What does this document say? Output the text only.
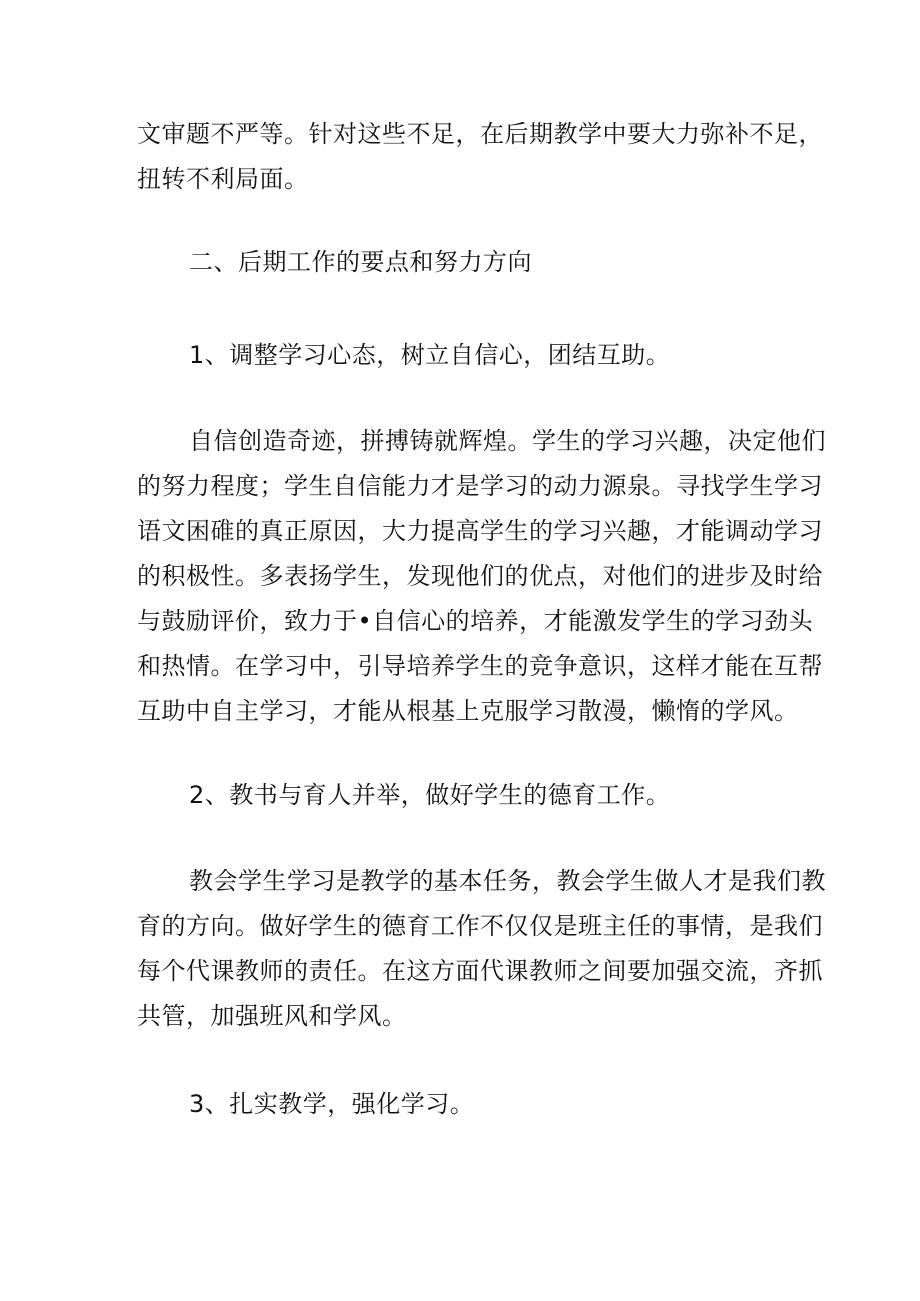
文审题不严等。针对这些不足，在后期教学中要大力弥补不足，
扭转不利局面。
二、后期工作的要点和努力方向
1、调整学习心态，树立自信心，团结互助。
自信创造奇迹，拼搏铸就辉煌。学生的学习兴趣，决定他们
的努力程度；学生自信能力才是学习的动力源泉。寻找学生学习
语文困碓的真正原因，大力提高学生的学习兴趣，才能调动学习
的积极性。多表扬学生，发现他们的优点，对他们的进步及时给
与鼓励评价，致力于•自信心的培养，才能激发学生的学习劲头
和热情。在学习中，引导培养学生的竞争意识，这样才能在互帮
互助中自主学习，才能从根基上克服学习散漫，懒惰的学风。
2、教书与育人并举，做好学生的德育工作。
教会学生学习是教学的基本任务，教会学生做人才是我们教
育的方向。做好学生的德育工作不仅仅是班主任的事情，是我们
每个代课教师的责任。在这方面代课教师之间要加强交流，齐抓
共管，加强班风和学风。
3、扎实教学，强化学习。
